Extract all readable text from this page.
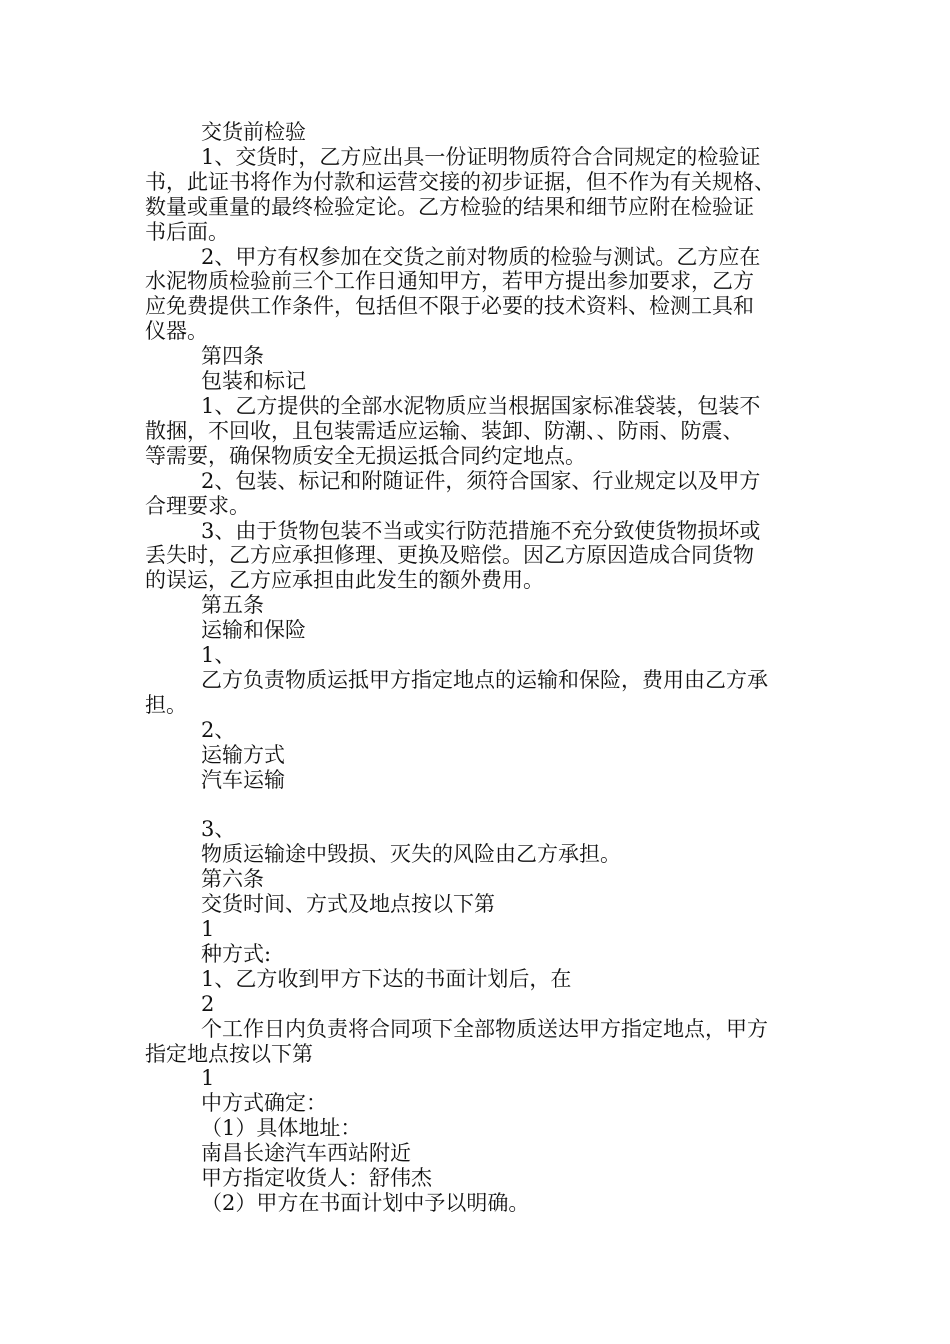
交货前检验

1、交货时，乙方应出具一份证明物质符合合同规定的检验证

书，此证书将作为付款和运营交接的初步证据，但不作为有关规格、

数量或重量的最终检验定论。乙方检验的结果和细节应附在检验证

书后面。

2、甲方有权参加在交货之前对物质的检验与测试。乙方应在

水泥物质检验前三个工作日通知甲方，若甲方提出参加要求，乙方

应免费提供工作条件，包括但不限于必要的技术资料、检测工具和

仪器。

第四条

包装和标记

1、乙方提供的全部水泥物质应当根据国家标准袋装，包装不

散捆，不回收，且包装需适应运输、装卸、防潮、、防雨、防震、

等需要，确保物质安全无损运抵合同约定地点。

2、包装、标记和附随证件，须符合国家、行业规定以及甲方

合理要求。

3、由于货物包装不当或实行防范措施不充分致使货物损坏或

丢失时，乙方应承担修理、更换及赔偿。因乙方原因造成合同货物

的误运，乙方应承担由此发生的额外费用。

第五条

运输和保险

1、

乙方负责物质运抵甲方指定地点的运输和保险，费用由乙方承

担。

2、

运输方式

汽车运输

3、

物质运输途中毁损、灭失的风险由乙方承担。

第六条

交货时间、方式及地点按以下第

1

种方式:

1、乙方收到甲方下达的书面计划后，在

2

个工作日内负责将合同项下全部物质送达甲方指定地点，甲方

指定地点按以下第

1

中方式确定：

（1）具体地址：

南昌长途汽车西站附近

甲方指定收货人：舒伟杰

（2）甲方在书面计划中予以明确。
